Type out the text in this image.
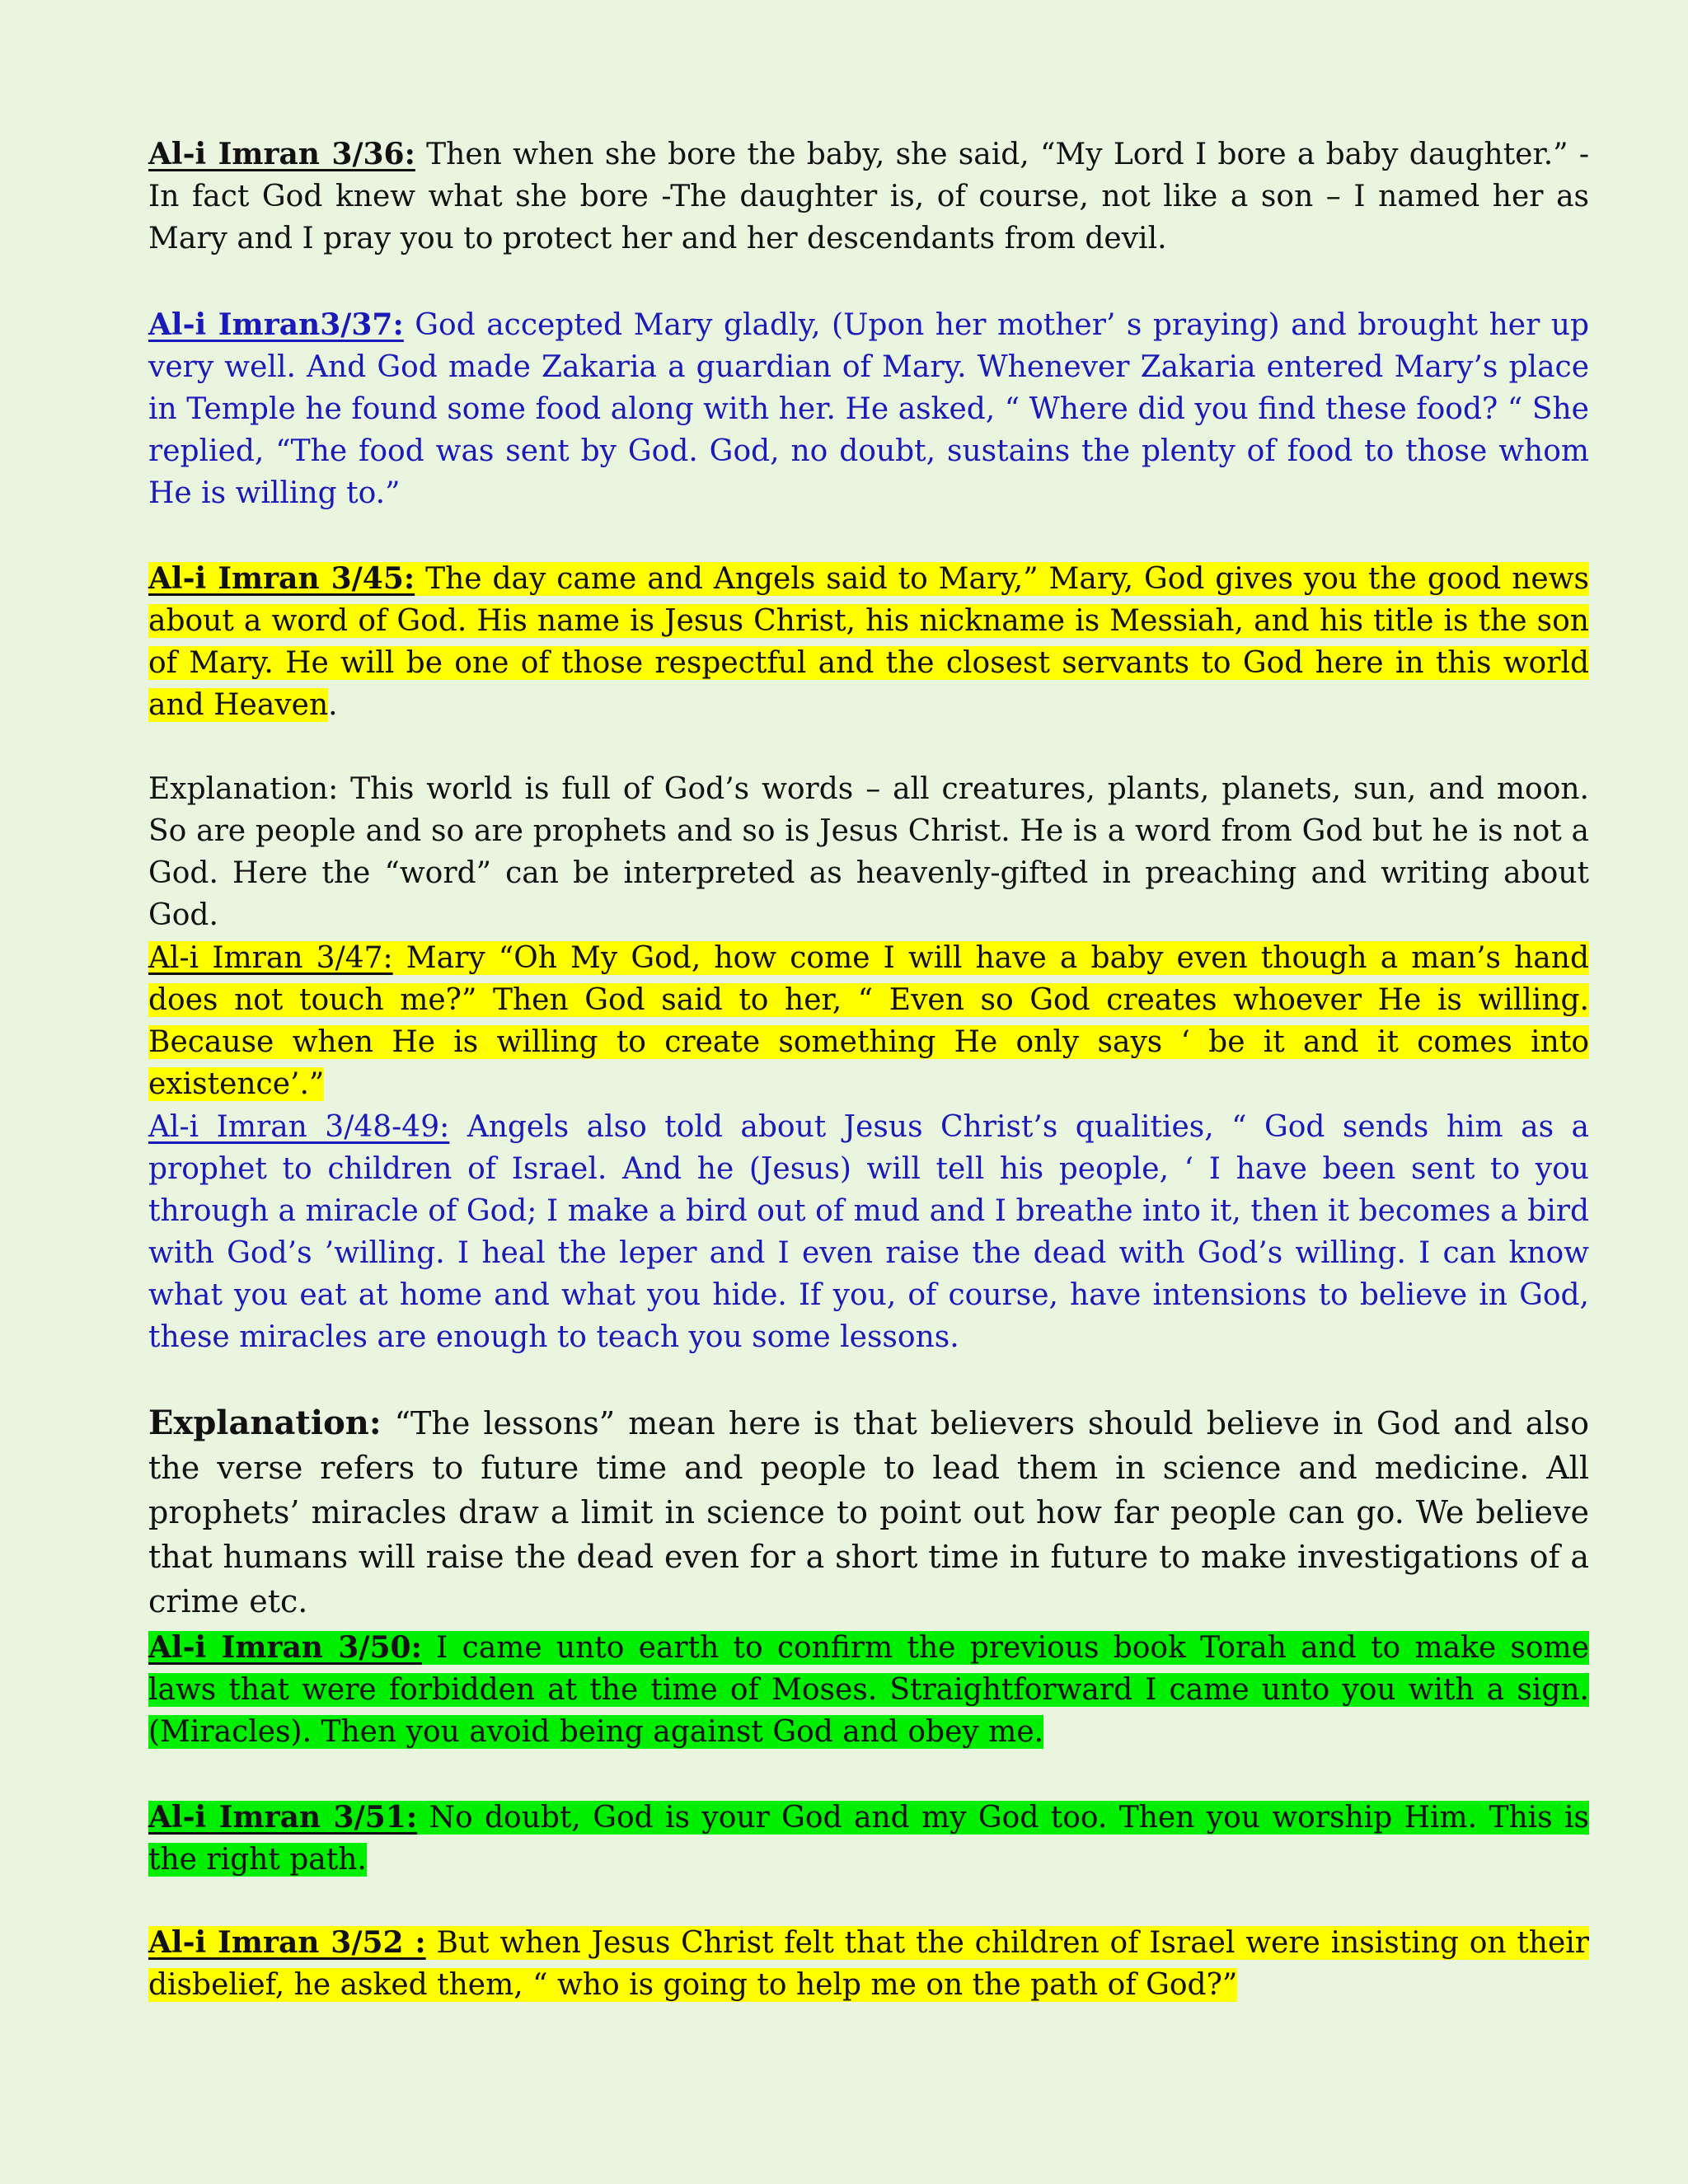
Al-i Imran 3/36: Then when she bore the baby, she said, “My Lord I bore a baby daughter.” - In fact God knew what she bore -The daughter is, of course, not like a son – I named her as Mary and I pray you to protect her and her descendants from devil.

Al-i Imran3/37: God accepted Mary gladly, (Upon her mother’ s praying) and brought her up very well. And God made Zakaria a guardian of Mary. Whenever Zakaria entered Mary’s place in Temple he found some food along with her. He asked, “ Where did you find these food? “ She replied, “The food was sent by God. God, no doubt, sustains the plenty of food to those whom He is willing to.”

Al-i Imran 3/45: The day came and Angels said to Mary,” Mary, God gives you the good news about a word of God. His name is Jesus Christ, his nickname is Messiah, and his title is the son of Mary. He will be one of those respectful and the closest servants to God here in this world and Heaven.

Explanation: This world is full of God’s words – all creatures, plants, planets, sun, and moon. So are people and so are prophets and so is Jesus Christ. He is a word from God but he is not a God. Here the “word” can be interpreted as heavenly-gifted in preaching and writing about God.

Al-i Imran 3/47: Mary “Oh My God, how come I will have a baby even though a man’s hand does not touch me?” Then God said to her, “ Even so God creates whoever He is willing. Because when He is willing to create something He only says ‘ be it and it comes into existence’.”

Al-i Imran 3/48-49: Angels also told about Jesus Christ’s qualities, “ God sends him as a prophet to children of Israel. And he (Jesus) will tell his people, ‘ I have been sent to you through a miracle of God; I make a bird out of mud and I breathe into it, then it becomes a bird with God’s ’willing. I heal the leper and I even raise the dead with God’s willing. I can know what you eat at home and what you hide. If you, of course, have intensions to believe in God, these miracles are enough to teach you some lessons.

Explanation: “The lessons” mean here is that believers should believe in God and also the verse refers to future time and people to lead them in science and medicine. All prophets’ miracles draw a limit in science to point out how far people can go. We believe that humans will raise the dead even for a short time in future to make investigations of a crime etc.

Al-i Imran 3/50: I came unto earth to confirm the previous book Torah and to make some laws that were forbidden at the time of Moses. Straightforward I came unto you with a sign. (Miracles). Then you avoid being against God and obey me.

Al-i Imran 3/51: No doubt, God is your God and my God too. Then you worship Him. This is the right path.

Al-i Imran 3/52 : But when Jesus Christ felt that the children of Israel were insisting on their disbelief, he asked them, “ who is going to help me on the path of God?”
